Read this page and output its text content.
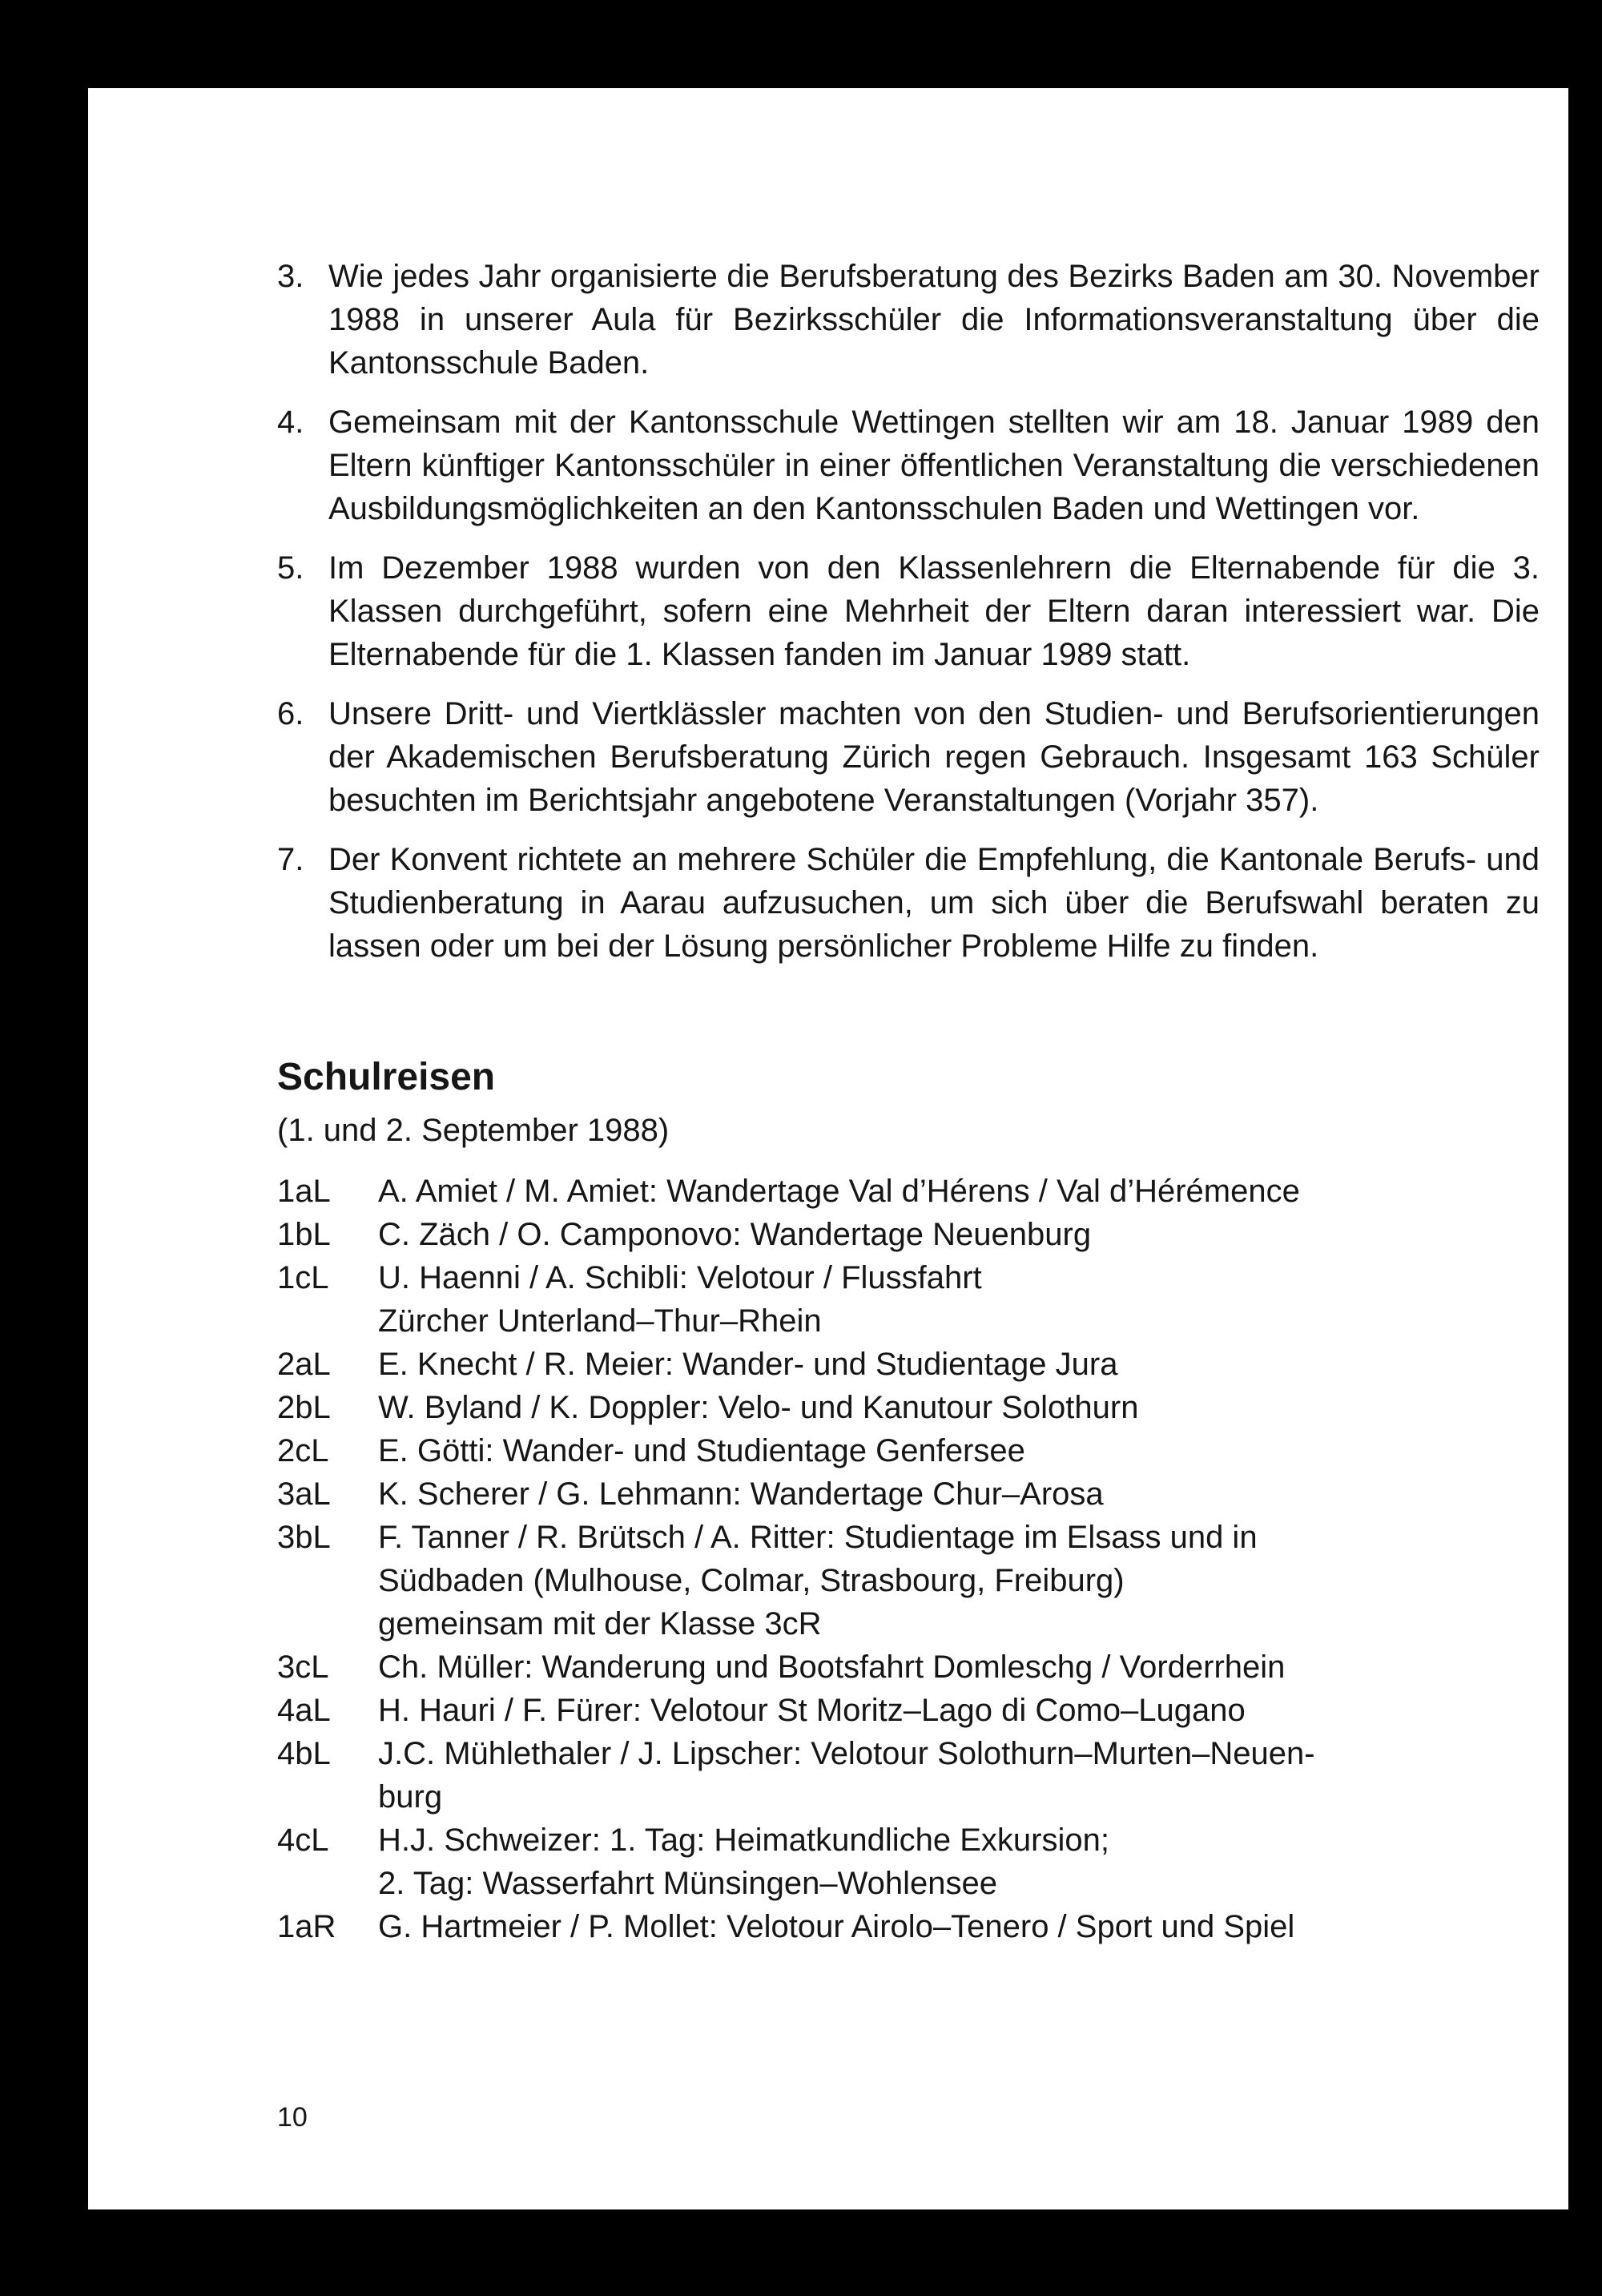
3. Wie jedes Jahr organisierte die Berufsberatung des Bezirks Baden am 30. November 1988 in unserer Aula für Bezirksschüler die Informationsveranstaltung über die Kantonsschule Baden.
4. Gemeinsam mit der Kantonsschule Wettingen stellten wir am 18. Januar 1989 den Eltern künftiger Kantonsschüler in einer öffentlichen Veranstaltung die verschiedenen Ausbildungsmöglichkeiten an den Kantonsschulen Baden und Wettingen vor.
5. Im Dezember 1988 wurden von den Klassenlehrern die Elternabende für die 3. Klassen durchgeführt, sofern eine Mehrheit der Eltern daran interessiert war. Die Elternabende für die 1. Klassen fanden im Januar 1989 statt.
6. Unsere Dritt- und Viertklässler machten von den Studien- und Berufsorientierungen der Akademischen Berufsberatung Zürich regen Gebrauch. Insgesamt 163 Schüler besuchten im Berichtsjahr angebotene Veranstaltungen (Vorjahr 357).
7. Der Konvent richtete an mehrere Schüler die Empfehlung, die Kantonale Berufs- und Studienberatung in Aarau aufzusuchen, um sich über die Berufswahl beraten zu lassen oder um bei der Lösung persönlicher Probleme Hilfe zu finden.
Schulreisen
(1. und 2. September 1988)
1aL	A. Amiet / M. Amiet: Wandertage Val d’Hérens / Val d’Hérémence
1bL	C. Zäch / O. Camponovo: Wandertage Neuenburg
1cL	U. Haenni / A. Schibli: Velotour / Flussfahrt
Zürcher Unterland–Thur–Rhein
2aL	E. Knecht / R. Meier: Wander- und Studientage Jura
2bL	W. Byland / K. Doppler: Velo- und Kanutour Solothurn
2cL	E. Götti: Wander- und Studientage Genfersee
3aL	K. Scherer / G. Lehmann: Wandertage Chur–Arosa
3bL	F. Tanner / R. Brütsch / A. Ritter: Studientage im Elsass und in
Südbaden (Mulhouse, Colmar, Strasbourg, Freiburg)
gemeinsam mit der Klasse 3cR
3cL	Ch. Müller: Wanderung und Bootsfahrt Domleschg / Vorderrhein
4aL	H. Hauri / F. Fürer: Velotour St Moritz–Lago di Como–Lugano
4bL	J.C. Mühlethaler / J. Lipscher: Velotour Solothurn–Murten–Neuen-
burg
4cL	H.J. Schweizer: 1. Tag: Heimatkundliche Exkursion;
2. Tag: Wasserfahrt Münsingen–Wohlensee
1aR	G. Hartmeier / P. Mollet: Velotour Airolo–Tenero / Sport und Spiel
10
